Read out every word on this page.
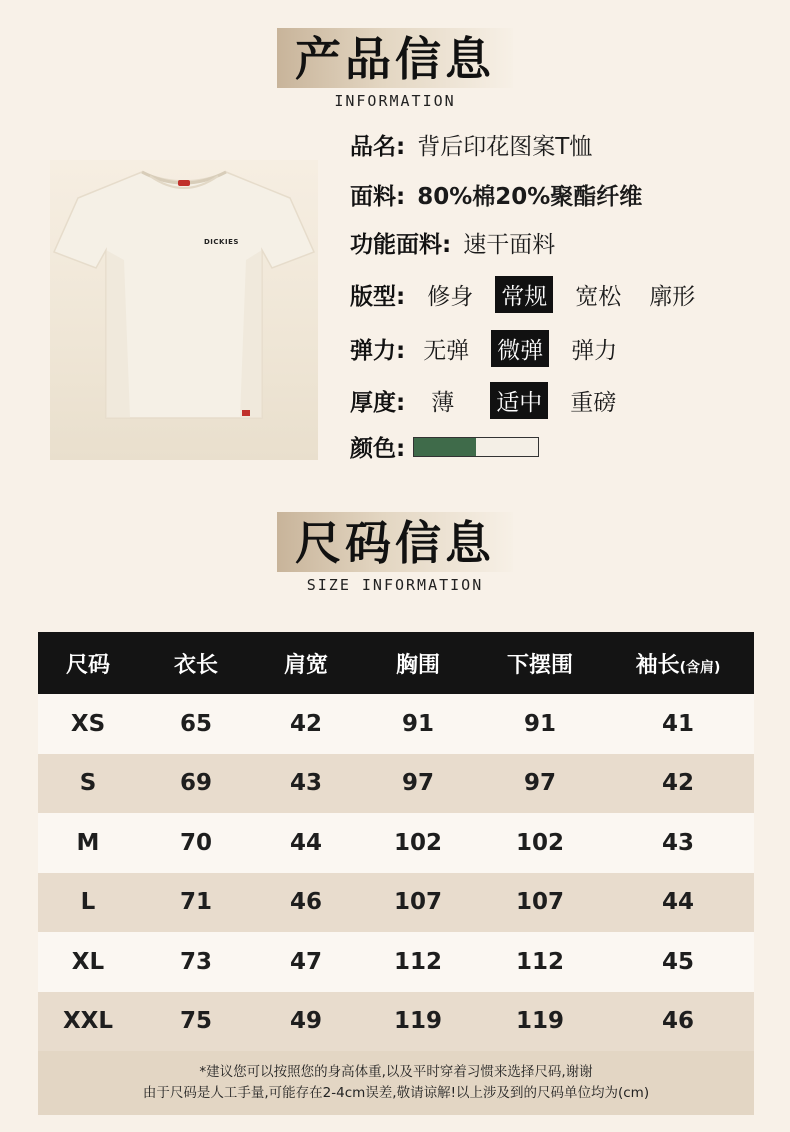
产品信息
INFORMATION
DICKIES
品名: 背后印花图案T恤
面料: 80%棉20%聚酯纤维
功能面料: 速干面料
版型: 修身 常规 宽松 廓形
弹力: 无弹 微弹 弹力
厚度: 薄 适中 重磅
颜色:
尺码信息
SIZE INFORMATION
尺码	衣长	肩宽	胸围	下摆围	袖长(含肩)
XS	65	42	91	91	41
S	69	43	97	97	42
M	70	44	102	102	43
L	71	46	107	107	44
XL	73	47	112	112	45
XXL	75	49	119	119	46
*建议您可以按照您的身高体重,以及平时穿着习惯来选择尺码,谢谢
由于尺码是人工手量,可能存在2-4cm误差,敬请谅解!以上涉及到的尺码单位均为(cm)
